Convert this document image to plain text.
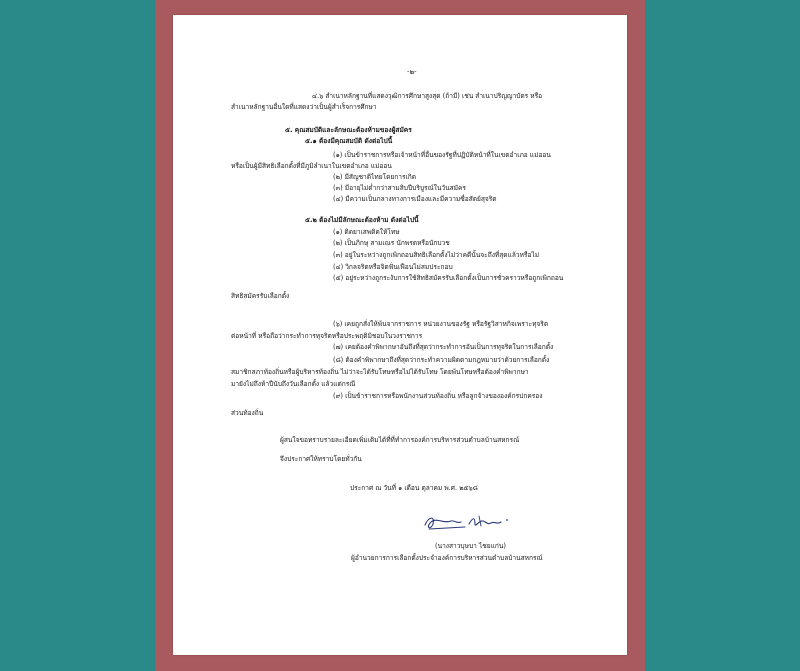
-๒-
๔.๖ สำเนาหลักฐานที่แสดงวุฒิการศึกษาสูงสุด (ถ้ามี) เช่น สำเนาปริญญาบัตร หรือ
สำเนาหลักฐานอื่นใดที่แสดงว่าเป็นผู้สำเร็จการศึกษา
๕. คุณสมบัติและลักษณะต้องห้ามของผู้สมัคร
๕.๑ ต้องมีคุณสมบัติ ดังต่อไปนี้
(๑) เป็นข้าราชการหรือเจ้าหน้าที่อื่นของรัฐที่ปฏิบัติหน้าที่ในเขตอำเภอ แม่ออน
หรือเป็นผู้มีสิทธิเลือกตั้งที่มีภูมิลำเนาในเขตอำเภอ แม่ออน
(๒) มีสัญชาติไทยโดยการเกิด
(๓) มีอายุไม่ต่ำกว่าสามสิบปีบริบูรณ์ในวันสมัคร
(๔) มีความเป็นกลางทางการเมืองและมีความซื่อสัตย์สุจริต
๕.๒ ต้องไม่มีลักษณะต้องห้าม ดังต่อไปนี้
(๑) ติดยาเสพติดให้โทษ
(๒) เป็นภิกษุ สามเณร นักพรตหรือนักบวช
(๓) อยู่ในระหว่างถูกเพิกถอนสิทธิเลือกตั้งไม่ว่าคดีนั้นจะถึงที่สุดแล้วหรือไม่
(๔) วิกลจริตหรือจิตฟั่นเฟือนไม่สมประกอบ
(๕) อยู่ระหว่างถูกระงับการใช้สิทธิสมัครรับเลือกตั้งเป็นการชั่วคราวหรือถูกเพิกถอน
สิทธิสมัครรับเลือกตั้ง
(๖) เคยถูกสั่งให้พ้นจากราชการ หน่วยงานของรัฐ หรือรัฐวิสาหกิจเพราะทุจริต
ต่อหน้าที่ หรือถือว่ากระทำการทุจริตหรือประพฤติมิชอบในวงราชการ
(๗) เคยต้องคำพิพากษาอันถึงที่สุดว่ากระทำการอันเป็นการทุจริตในการเลือกตั้ง
(๘) ต้องคำพิพากษาถึงที่สุดว่ากระทำความผิดตามกฎหมายว่าด้วยการเลือกตั้ง
สมาชิกสภาท้องถิ่นหรือผู้บริหารท้องถิ่น ไม่ว่าจะได้รับโทษหรือไม่ได้รับโทษ โดยพ้นโทษหรือต้องคำพิพากษา
มายังไม่ถึงห้าปีนับถึงวันเลือกตั้ง แล้วแต่กรณี
(๙) เป็นข้าราชการหรือพนักงานส่วนท้องถิ่น หรือลูกจ้างขององค์กรปกครอง
ส่วนท้องถิ่น
ผู้สนใจขอทราบรายละเอียดเพิ่มเติมได้ที่ที่ทำการองค์การบริหารส่วนตำบลบ้านสหกรณ์
จึงประกาศให้ทราบโดยทั่วกัน
ประกาศ ณ วันที่ ๑ เดือน ตุลาคม พ.ศ. ๒๕๖๘
(นางสาวบุษบา ไชยแก่น)
ผู้อำนวยการการเลือกตั้งประจำองค์การบริหารส่วนตำบลบ้านสหกรณ์
